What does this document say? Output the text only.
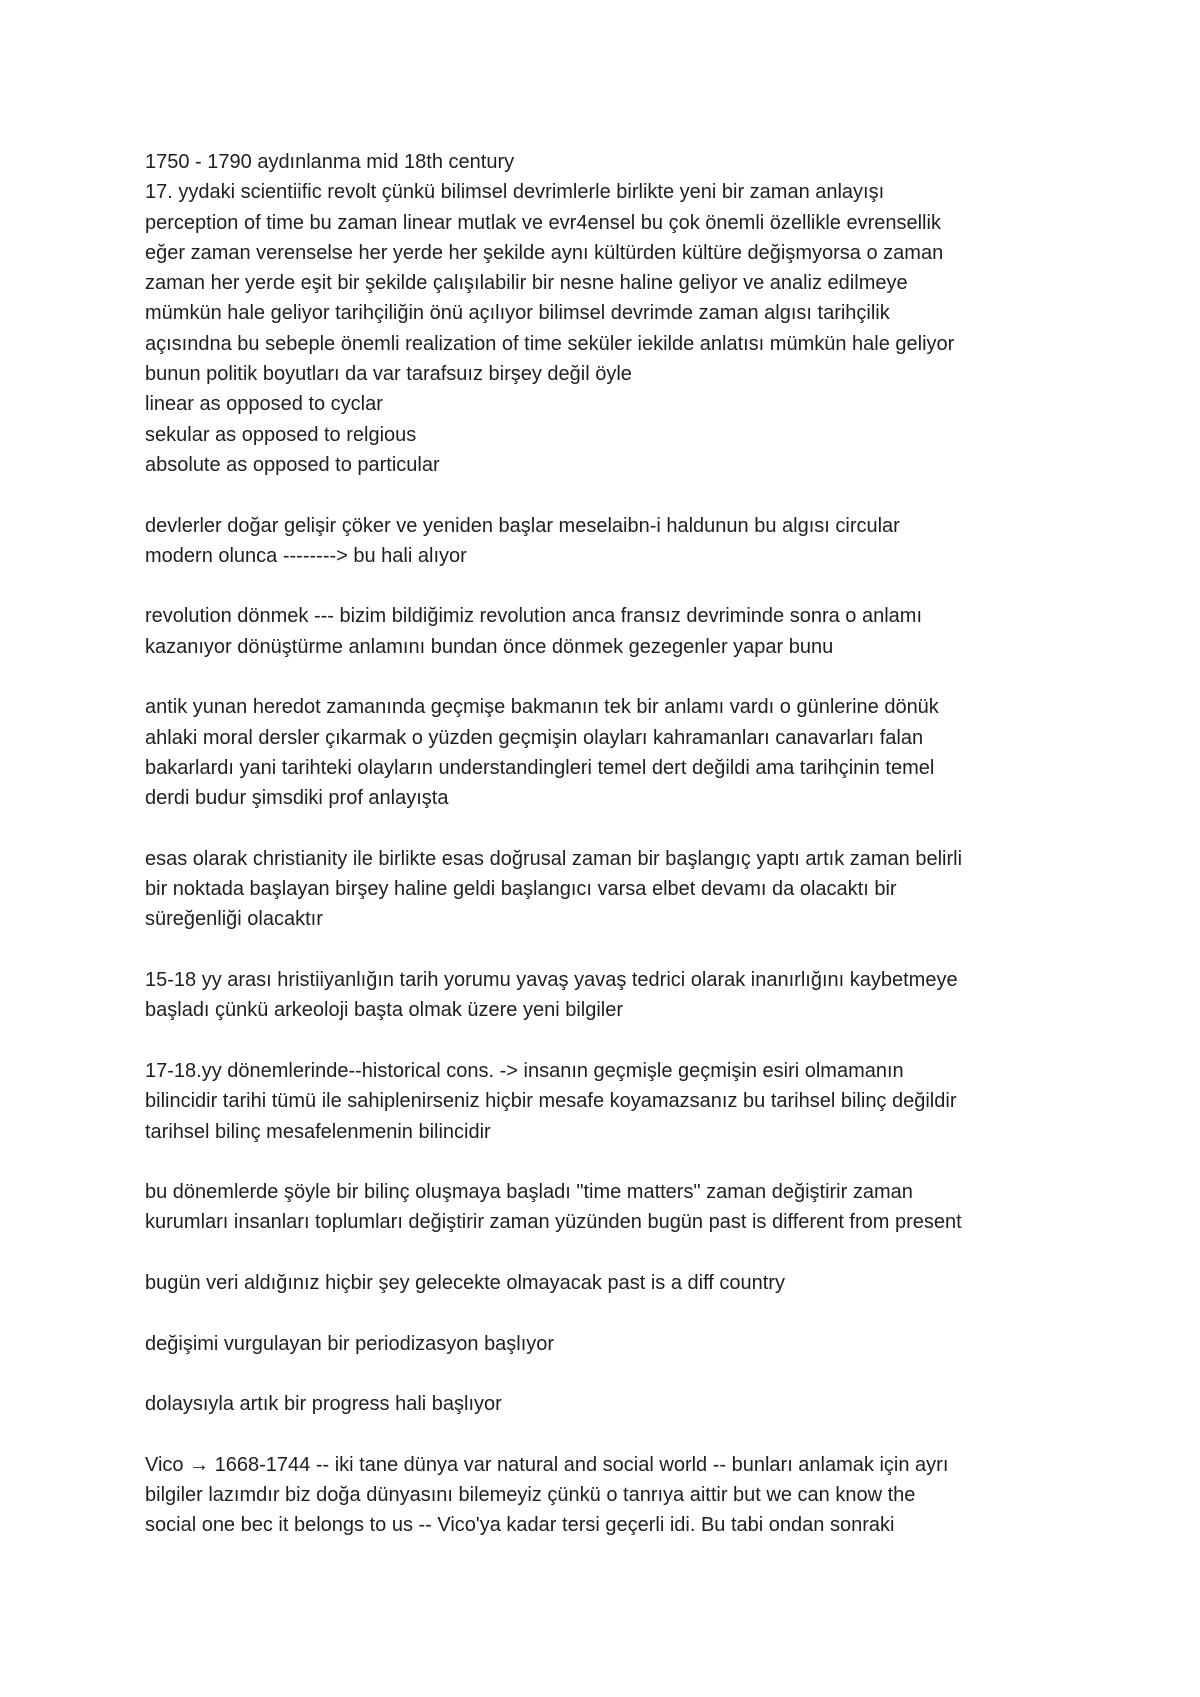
1750 - 1790 aydınlanma mid 18th century
17. yydaki scientiific revolt çünkü bilimsel devrimlerle birlikte yeni bir zaman anlayışı
perception of time bu zaman linear mutlak ve evr4ensel bu çok önemli özellikle evrensellik
eğer zaman verenselse her yerde her şekilde aynı kültürden kültüre değişmyorsa o zaman
zaman her yerde eşit bir şekilde çalışılabilir bir nesne haline geliyor ve analiz edilmeye
mümkün hale geliyor tarihçiliğin önü açılıyor bilimsel devrimde zaman algısı tarihçilik
açısındna bu sebeple önemli realization of time seküler iekilde anlatısı mümkün hale geliyor
bunun politik boyutları da var tarafsuız birşey değil öyle
linear as opposed to cyclar
sekular as opposed to relgious
absolute as opposed to particular
devlerler doğar gelişir çöker ve yeniden başlar meselaibn-i haldunun bu algısı circular
modern olunca --------> bu hali alıyor
revolution dönmek --- bizim bildiğimiz revolution anca fransız devriminde sonra o anlamı
kazanıyor dönüştürme anlamını bundan önce dönmek gezegenler yapar bunu
antik yunan heredot zamanında geçmişe bakmanın tek bir anlamı vardı o günlerine dönük
ahlaki moral dersler çıkarmak o yüzden geçmişin olayları kahramanları canavarları falan
bakarlardı yani tarihteki olayların understandingleri temel dert değildi ama tarihçinin temel
derdi budur şimsdiki prof anlayışta
esas olarak christianity ile birlikte esas doğrusal zaman bir başlangıç yaptı artık zaman belirli
bir noktada başlayan birşey haline geldi başlangıcı varsa elbet devamı da olacaktı bir
süreğenliği olacaktır
15-18 yy arası hristiiyanlığın tarih yorumu yavaş yavaş tedrici olarak inanırlığını kaybetmeye
başladı çünkü arkeoloji başta olmak üzere yeni bilgiler
17-18.yy dönemlerinde--historical cons. -> insanın geçmişle geçmişin esiri olmamanın
bilincidir tarihi tümü ile sahiplenirseniz hiçbir mesafe koyamazsanız bu tarihsel bilinç değildir
tarihsel bilinç mesafelenmenin bilincidir
bu dönemlerde şöyle bir bilinç oluşmaya başladı "time matters" zaman değiştirir zaman
kurumları insanları toplumları değiştirir zaman yüzünden bugün past is different from present
bugün veri aldığınız hiçbir şey gelecekte olmayacak past is a diff country
değişimi vurgulayan bir periodizasyon başlıyor
dolaysıyla artık bir progress hali başlıyor
Vico → 1668-1744 -- iki tane dünya var natural and social world -- bunları anlamak için ayrı
bilgiler lazımdır biz doğa dünyasını bilemeyiz çünkü o tanrıya aittir but we can know the
social one bec it belongs to us -- Vico'ya kadar tersi geçerli idi. Bu tabi ondan sonraki
